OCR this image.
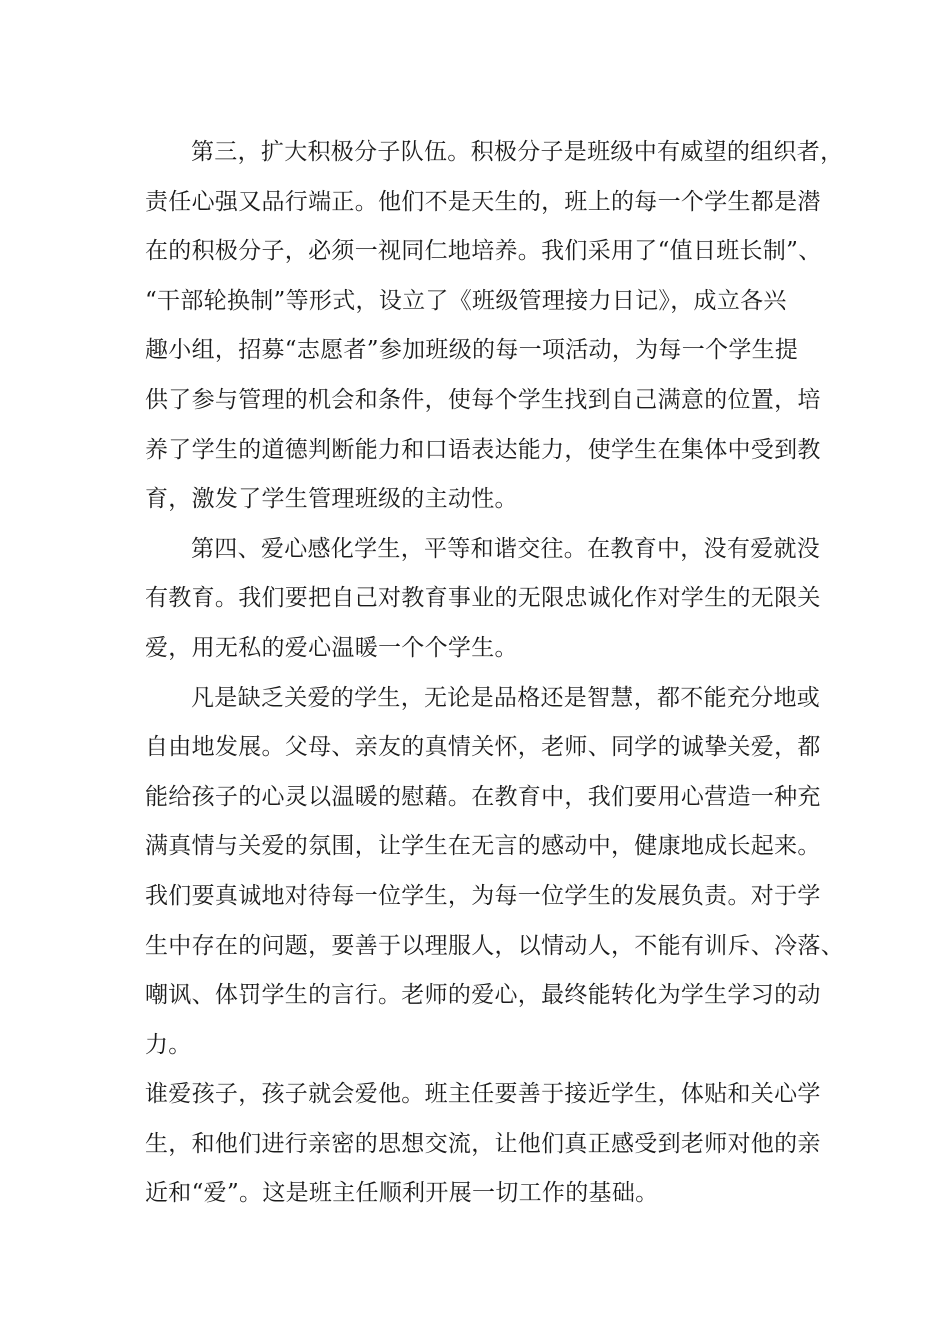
第三，扩大积极分子队伍。积极分子是班级中有威望的组织者，
责任心强又品行端正。他们不是天生的，班上的每一个学生都是潜
在的积极分子，必须一视同仁地培养。我们采用了“值日班长制”、
“干部轮换制”等形式，设立了《班级管理接力日记》，成立各兴
趣小组，招募“志愿者”参加班级的每一项活动，为每一个学生提
供了参与管理的机会和条件，使每个学生找到自己满意的位置，培
养了学生的道德判断能力和口语表达能力，使学生在集体中受到教
育，激发了学生管理班级的主动性。
第四、爱心感化学生，平等和谐交往。在教育中，没有爱就没
有教育。我们要把自己对教育事业的无限忠诚化作对学生的无限关
爱，用无私的爱心温暖一个个学生。
凡是缺乏关爱的学生，无论是品格还是智慧，都不能充分地或
自由地发展。父母、亲友的真情关怀，老师、同学的诚挚关爱，都
能给孩子的心灵以温暖的慰藉。在教育中，我们要用心营造一种充
满真情与关爱的氛围，让学生在无言的感动中，健康地成长起来。
我们要真诚地对待每一位学生，为每一位学生的发展负责。对于学
生中存在的问题，要善于以理服人，以情动人，不能有训斥、冷落、
嘲讽、体罚学生的言行。老师的爱心，最终能转化为学生学习的动
力。
谁爱孩子，孩子就会爱他。班主任要善于接近学生，体贴和关心学
生，和他们进行亲密的思想交流，让他们真正感受到老师对他的亲
近和“爱”。这是班主任顺利开展一切工作的基础。
